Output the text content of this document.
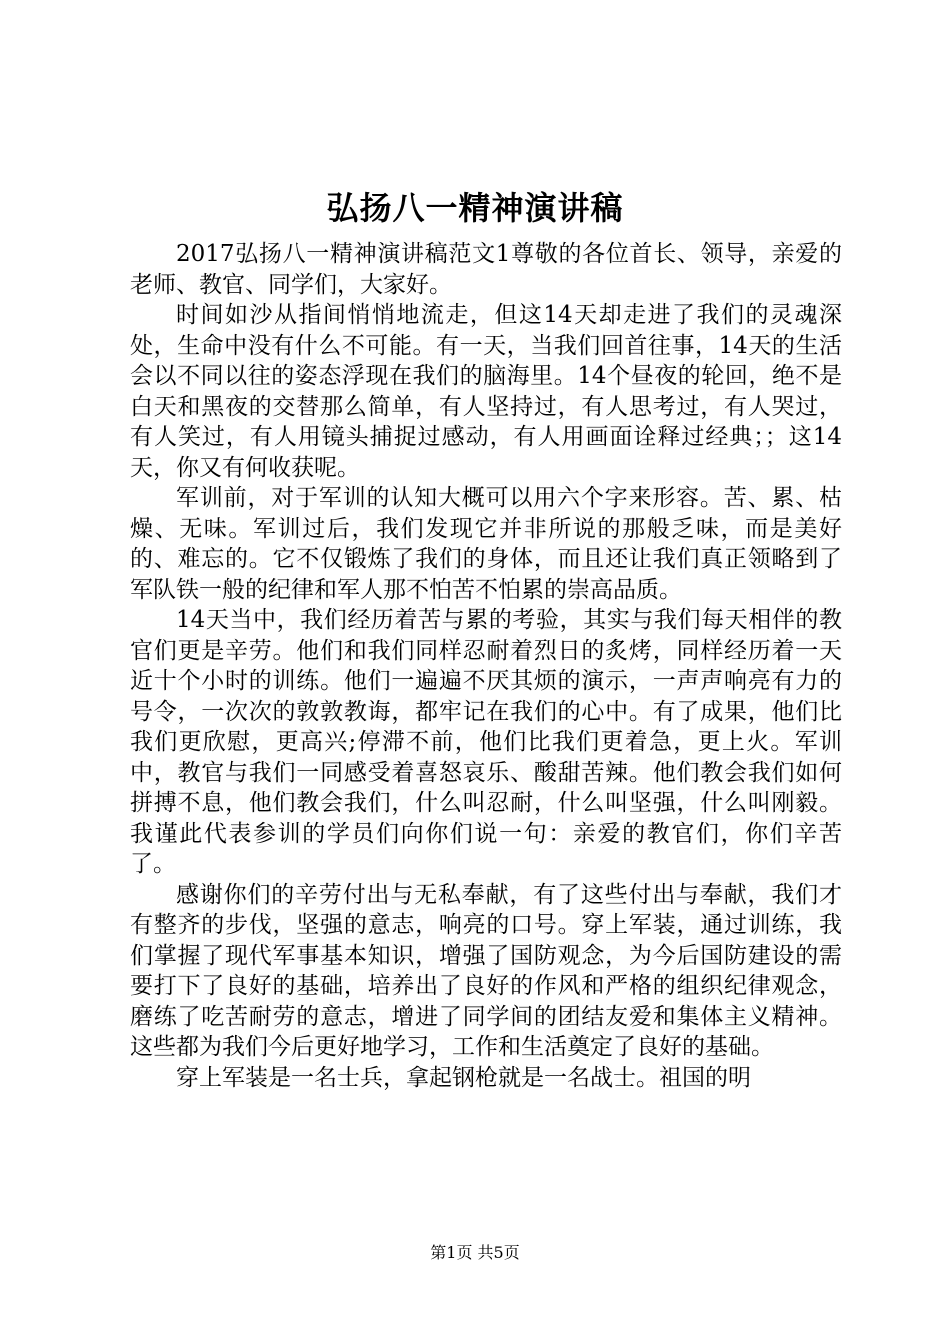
弘扬八一精神演讲稿

2017弘扬八一精神演讲稿范文1尊敬的各位首长、领导，亲爱的老师、教官、同学们，大家好。

时间如沙从指间悄悄地流走，但这14天却走进了我们的灵魂深处，生命中没有什么不可能。有一天，当我们回首往事，14天的生活会以不同以往的姿态浮现在我们的脑海里。14个昼夜的轮回，绝不是白天和黑夜的交替那么简单，有人坚持过，有人思考过，有人哭过，有人笑过，有人用镜头捕捉过感动，有人用画面诠释过经典；；这14天，你又有何收获呢。

军训前，对于军训的认知大概可以用六个字来形容。苦、累、枯燥、无味。军训过后，我们发现它并非所说的那般乏味，而是美好的、难忘的。它不仅锻炼了我们的身体，而且还让我们真正领略到了军队铁一般的纪律和军人那不怕苦不怕累的崇高品质。

14天当中，我们经历着苦与累的考验，其实与我们每天相伴的教官们更是辛劳。他们和我们同样忍耐着烈日的炙烤，同样经历着一天近十个小时的训练。他们一遍遍不厌其烦的演示，一声声响亮有力的号令，一次次的敦敦教诲，都牢记在我们的心中。有了成果，他们比我们更欣慰，更高兴;停滞不前，他们比我们更着急，更上火。军训中，教官与我们一同感受着喜怒哀乐、酸甜苦辣。他们教会我们如何拼搏不息，他们教会我们，什么叫忍耐，什么叫坚强，什么叫刚毅。我谨此代表参训的学员们向你们说一句：亲爱的教官们，你们辛苦了。

感谢你们的辛劳付出与无私奉献，有了这些付出与奉献，我们才有整齐的步伐，坚强的意志，响亮的口号。穿上军装，通过训练，我们掌握了现代军事基本知识，增强了国防观念，为今后国防建设的需要打下了良好的基础，培养出了良好的作风和严格的组织纪律观念，磨练了吃苦耐劳的意志，增进了同学间的团结友爱和集体主义精神。这些都为我们今后更好地学习，工作和生活奠定了良好的基础。

穿上军装是一名士兵，拿起钢枪就是一名战士。祖国的明

第1页 共5页
